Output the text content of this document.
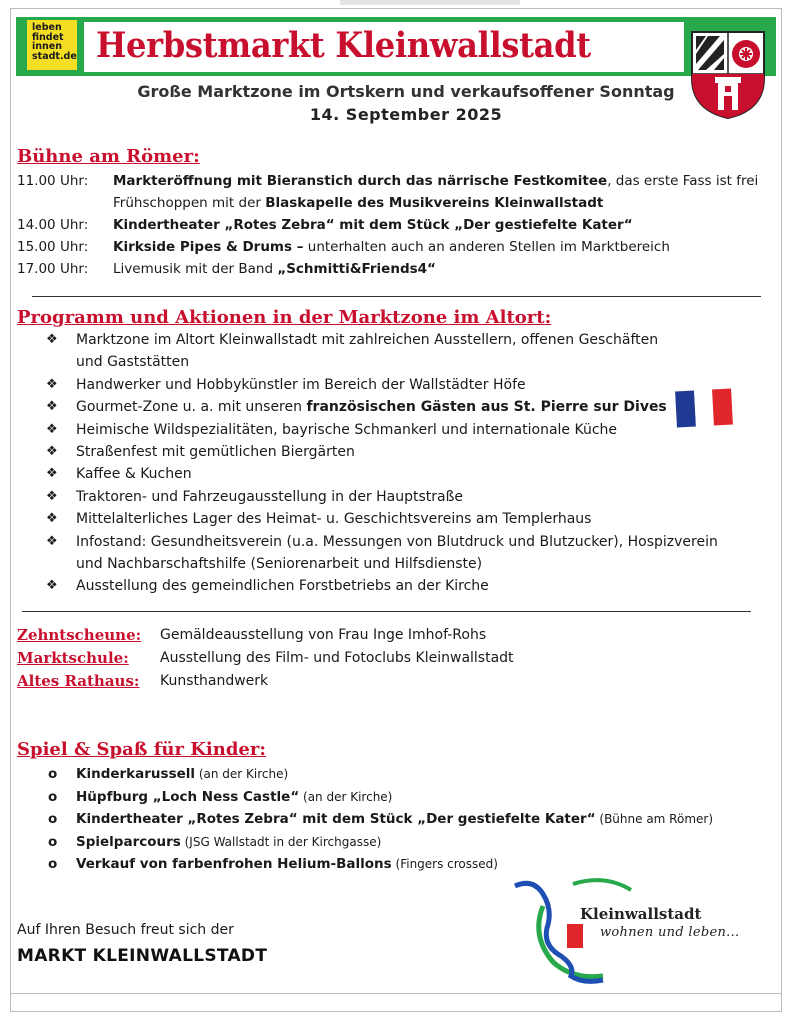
leben
findet
innen
stadt.de Herbstmarkt Kleinwallstadt
Große Marktzone im Ortskern und verkaufsoffener Sonntag
14. September 2025
Bühne am Römer:
11.00 Uhr:	Markteröffnung mit Bieranstich durch das närrische Festkomitee, das erste Fass ist frei
Frühschoppen mit der Blaskapelle des Musikvereins Kleinwallstadt
14.00 Uhr:	Kindertheater „Rotes Zebra“ mit dem Stück „Der gestiefelte Kater“
15.00 Uhr:	Kirkside Pipes & Drums – unterhalten auch an anderen Stellen im Marktbereich
17.00 Uhr:	Livemusik mit der Band „Schmitti&Friends4“
Programm und Aktionen in der Marktzone im Altort:
❖ Marktzone im Altort Kleinwallstadt mit zahlreichen Ausstellern, offenen Geschäften
und Gaststätten
❖ Handwerker und Hobbykünstler im Bereich der Wallstädter Höfe
❖ Gourmet-Zone u. a. mit unseren französischen Gästen aus St. Pierre sur Dives
❖ Heimische Wildspezialitäten, bayrische Schmankerl und internationale Küche
❖ Straßenfest mit gemütlichen Biergärten
❖ Kaffee & Kuchen
❖ Traktoren- und Fahrzeugausstellung in der Hauptstraße
❖ Mittelalterliches Lager des Heimat- u. Geschichtsvereins am Templerhaus
❖ Infostand: Gesundheitsverein (u.a. Messungen von Blutdruck und Blutzucker), Hospizverein
und Nachbarschaftshilfe (Seniorenarbeit und Hilfsdienste)
❖ Ausstellung des gemeindlichen Forstbetriebs an der Kirche
Zehntscheune: Gemäldeausstellung von Frau Inge Imhof-Rohs
Marktschule: Ausstellung des Film- und Fotoclubs Kleinwallstadt
Altes Rathaus: Kunsthandwerk
Spiel & Spaß für Kinder:
o Kinderkarussell (an der Kirche)
o Hüpfburg „Loch Ness Castle“ (an der Kirche)
o Kindertheater „Rotes Zebra“ mit dem Stück „Der gestiefelte Kater“ (Bühne am Römer)
o Spielparcours (JSG Wallstadt in der Kirchgasse)
o Verkauf von farbenfrohen Helium-Ballons (Fingers crossed)
Auf Ihren Besuch freut sich der
MARKT KLEINWALLSTADT
Kleinwallstadt
wohnen und leben...
